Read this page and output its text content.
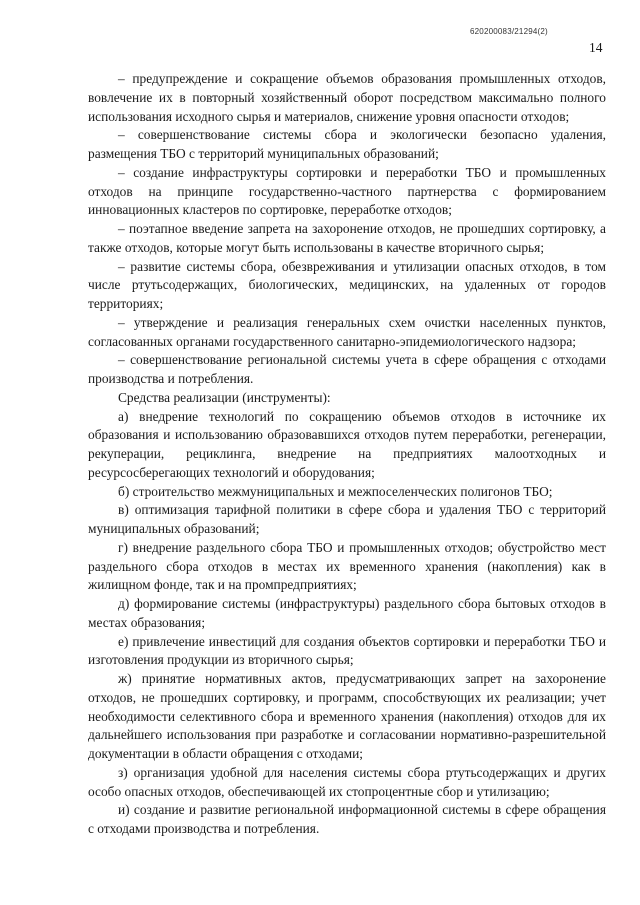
620200083/21294(2)
14

– предупреждение и сокращение объемов образования промышленных отходов, вовлечение их в повторный хозяйственный оборот посредством максимально полного использования исходного сырья и материалов, снижение уровня опасности отходов;

– совершенствование системы сбора и экологически безопасно удаления, размещения ТБО с территорий муниципальных образований;

– создание инфраструктуры сортировки и переработки ТБО и промышленных отходов на принципе государственно-частного партнерства с формированием инновационных кластеров по сортировке, переработке отходов;

– поэтапное введение запрета на захоронение отходов, не прошедших сортировку, а также отходов, которые могут быть использованы в качестве вторичного сырья;

– развитие системы сбора, обезвреживания и утилизации опасных отходов, в том числе ртутьсодержащих, биологических, медицинских, на удаленных от городов территориях;

– утверждение и реализация генеральных схем очистки населенных пунктов, согласованных органами государственного санитарно-эпидемиологического надзора;

– совершенствование региональной системы учета в сфере обращения с отходами производства и потребления.

Средства реализации (инструменты):

а) внедрение технологий по сокращению объемов отходов в источнике их образования и использованию образовавшихся отходов путем переработки, регенерации, рекуперации, рециклинга, внедрение на предприятиях малоотходных и ресурсосберегающих технологий и оборудования;

б) строительство межмуниципальных и межпоселенческих полигонов ТБО;

в) оптимизация тарифной политики в сфере сбора и удаления ТБО с территорий муниципальных образований;

г) внедрение раздельного сбора ТБО и промышленных отходов; обустройство мест раздельного сбора отходов в местах их временного хранения (накопления) как в жилищном фонде, так и на промпредприятиях;

д) формирование системы (инфраструктуры) раздельного сбора бытовых отходов в местах образования;

е) привлечение инвестиций для создания объектов сортировки и переработки ТБО и изготовления продукции из вторичного сырья;

ж) принятие нормативных актов, предусматривающих запрет на захоронение отходов, не прошедших сортировку, и программ, способствующих их реализации; учет необходимости селективного сбора и временного хранения (накопления) отходов для их дальнейшего использования при разработке и согласовании нормативно-разрешительной документации в области обращения с отходами;

з) организация удобной для населения системы сбора ртутьсодержащих и других особо опасных отходов, обеспечивающей их стопроцентные сбор и утилизацию;

и) создание и развитие региональной информационной системы в сфере обращения с отходами производства и потребления.
